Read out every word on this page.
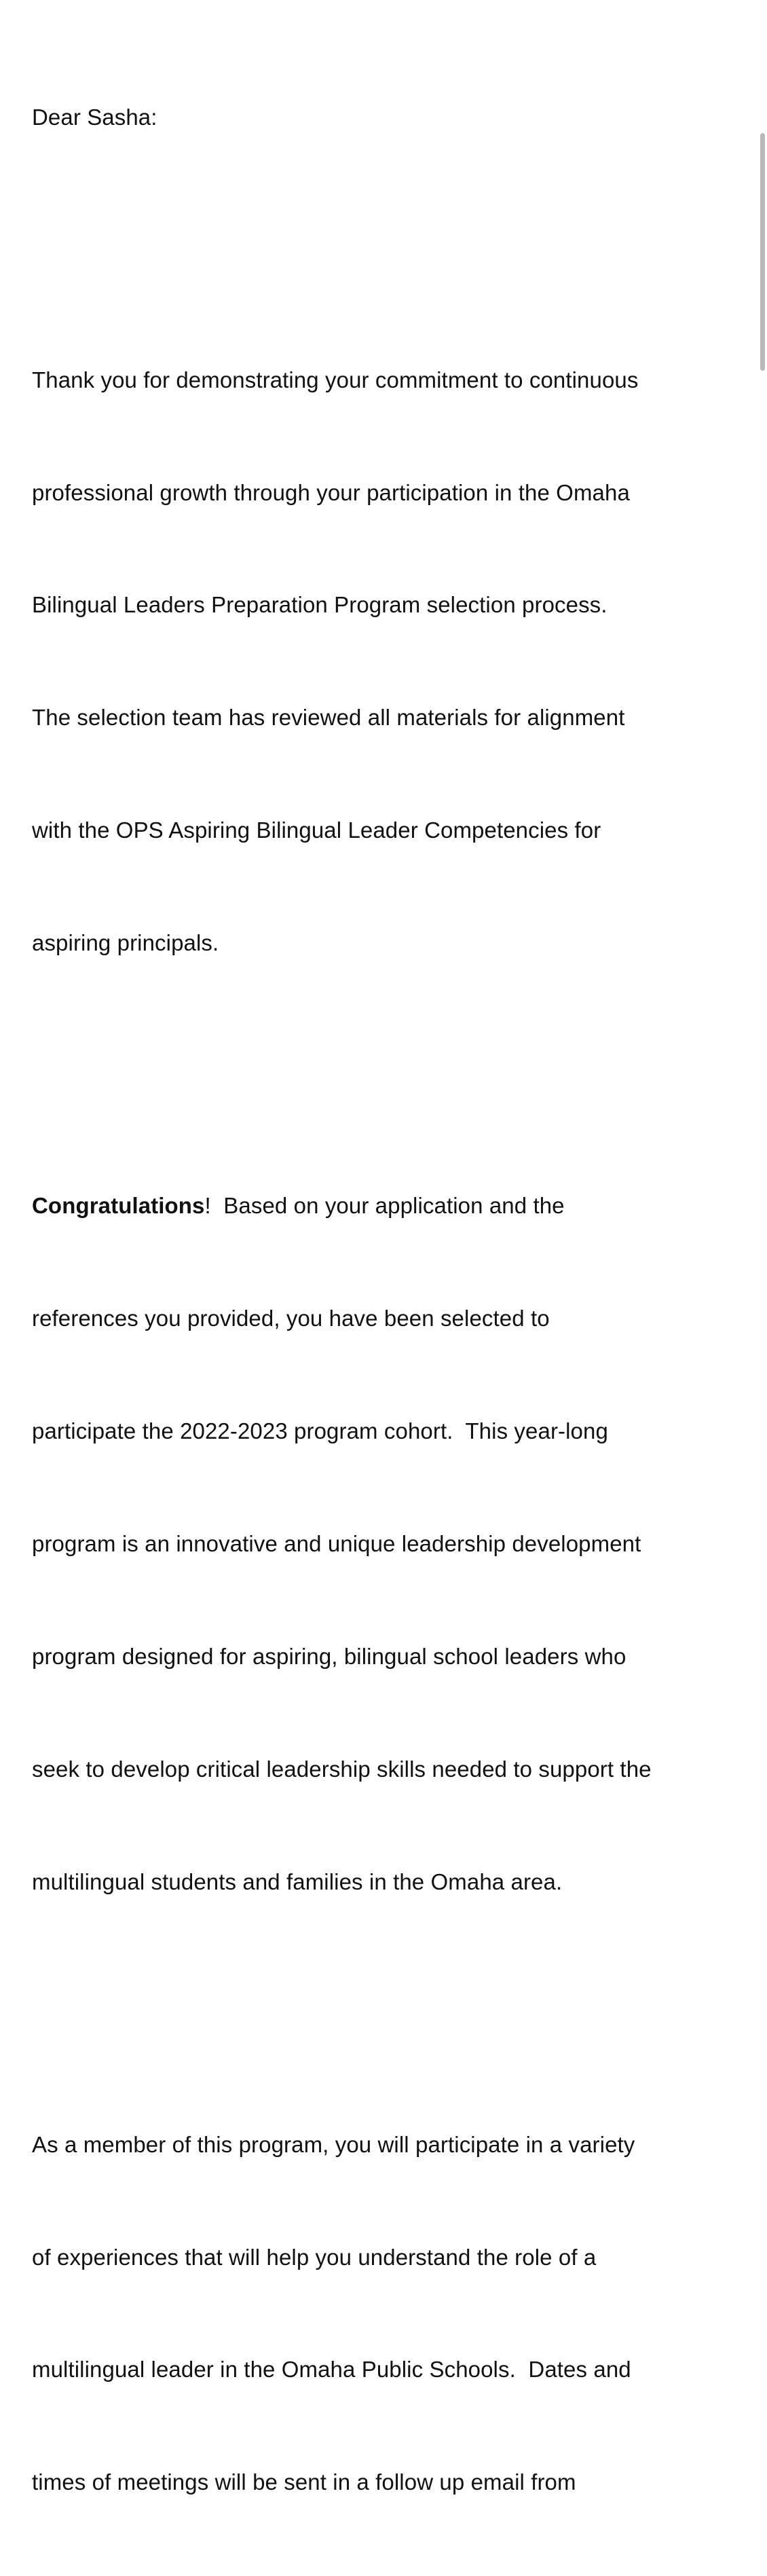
Dear Sasha:

Thank you for demonstrating your commitment to continuous

professional growth through your participation in the Omaha

Bilingual Leaders Preparation Program selection process.

The selection team has reviewed all materials for alignment

with the OPS Aspiring Bilingual Leader Competencies for

aspiring principals.

Congratulations!  Based on your application and the

references you provided, you have been selected to

participate the 2022-2023 program cohort.  This year-long

program is an innovative and unique leadership development

program designed for aspiring, bilingual school leaders who

seek to develop critical leadership skills needed to support the

multilingual students and families in the Omaha area.

As a member of this program, you will participate in a variety

of experiences that will help you understand the role of a

multilingual leader in the Omaha Public Schools.  Dates and

times of meetings will be sent in a follow up email from
